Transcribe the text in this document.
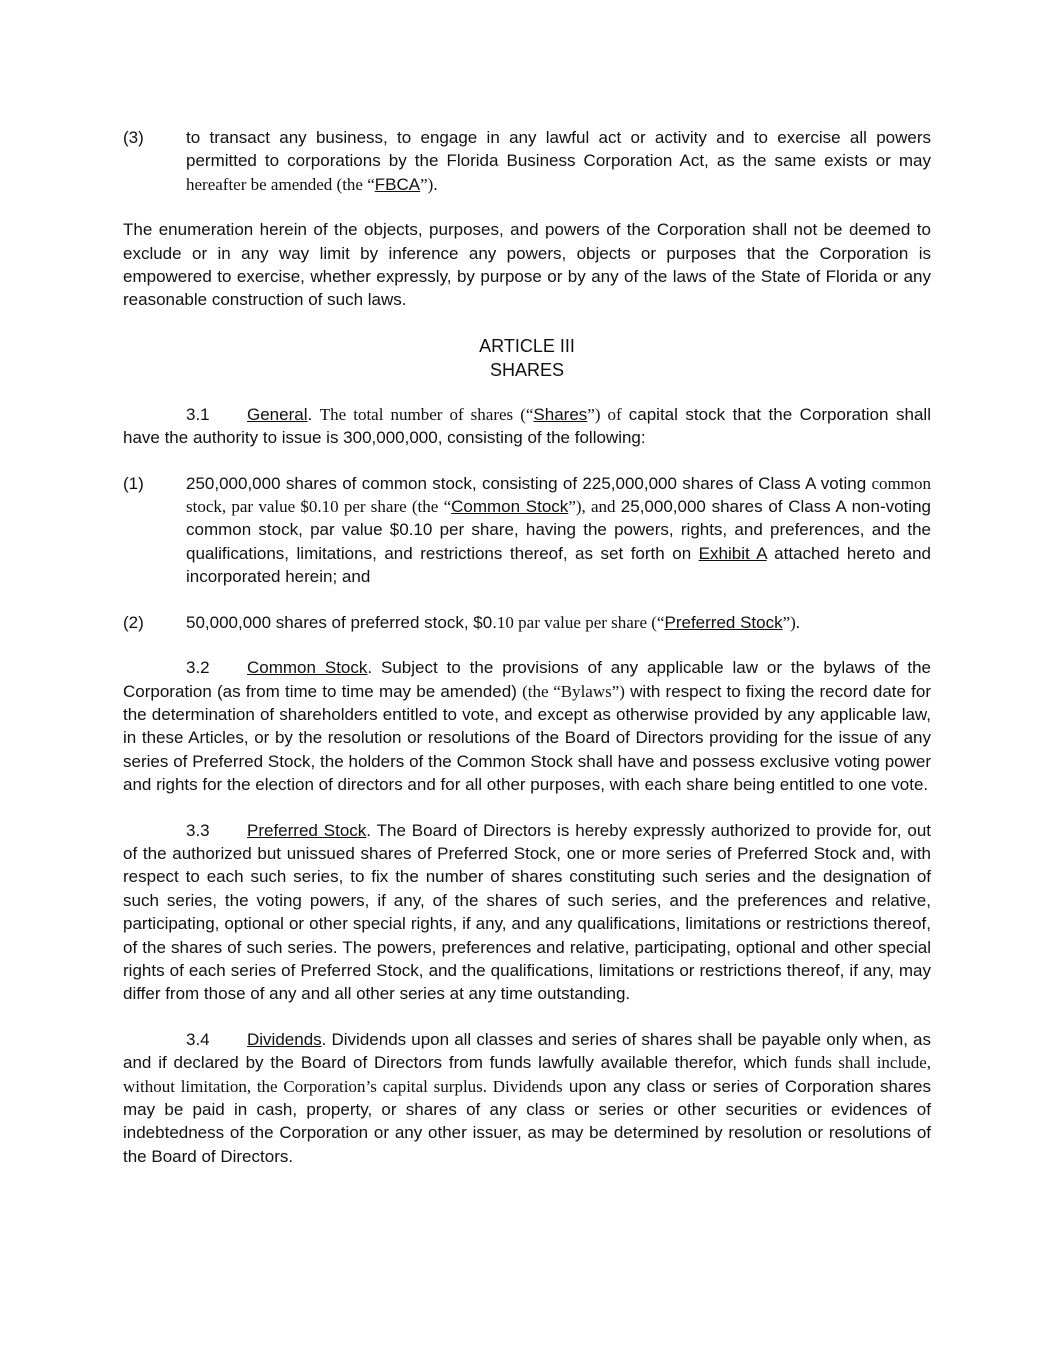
(3)	to transact any business, to engage in any lawful act or activity and to exercise all powers permitted to corporations by the Florida Business Corporation Act, as the same exists or may hereafter be amended (the “FBCA”).

The enumeration herein of the objects, purposes, and powers of the Corporation shall not be deemed to exclude or in any way limit by inference any powers, objects or purposes that the Corporation is empowered to exercise, whether expressly, by purpose or by any of the laws of the State of Florida or any reasonable construction of such laws.

ARTICLE III
SHARES

3.1 General. The total number of shares (“Shares”) of capital stock that the Corporation shall have the authority to issue is 300,000,000, consisting of the following:

(1)	250,000,000 shares of common stock, consisting of 225,000,000 shares of Class A voting common stock, par value $0.10 per share (the “Common Stock”), and 25,000,000 shares of Class A non-voting common stock, par value $0.10 per share, having the powers, rights, and preferences, and the qualifications, limitations, and restrictions thereof, as set forth on Exhibit A attached hereto and incorporated herein; and
(2)	50,000,000 shares of preferred stock, $0.10 par value per share (“Preferred Stock”).

3.2 Common Stock. Subject to the provisions of any applicable law or the bylaws of the Corporation (as from time to time may be amended) (the “Bylaws”) with respect to fixing the record date for the determination of shareholders entitled to vote, and except as otherwise provided by any applicable law, in these Articles, or by the resolution or resolutions of the Board of Directors providing for the issue of any series of Preferred Stock, the holders of the Common Stock shall have and possess exclusive voting power and rights for the election of directors and for all other purposes, with each share being entitled to one vote.

3.3 Preferred Stock. The Board of Directors is hereby expressly authorized to provide for, out of the authorized but unissued shares of Preferred Stock, one or more series of Preferred Stock and, with respect to each such series, to fix the number of shares constituting such series and the designation of such series, the voting powers, if any, of the shares of such series, and the preferences and relative, participating, optional or other special rights, if any, and any qualifications, limitations or restrictions thereof, of the shares of such series. The powers, preferences and relative, participating, optional and other special rights of each series of Preferred Stock, and the qualifications, limitations or restrictions thereof, if any, may differ from those of any and all other series at any time outstanding.

3.4 Dividends. Dividends upon all classes and series of shares shall be payable only when, as and if declared by the Board of Directors from funds lawfully available therefor, which funds shall include, without limitation, the Corporation’s capital surplus. Dividends upon any class or series of Corporation shares may be paid in cash, property, or shares of any class or series or other securities or evidences of indebtedness of the Corporation or any other issuer, as may be determined by resolution or resolutions of the Board of Directors.
